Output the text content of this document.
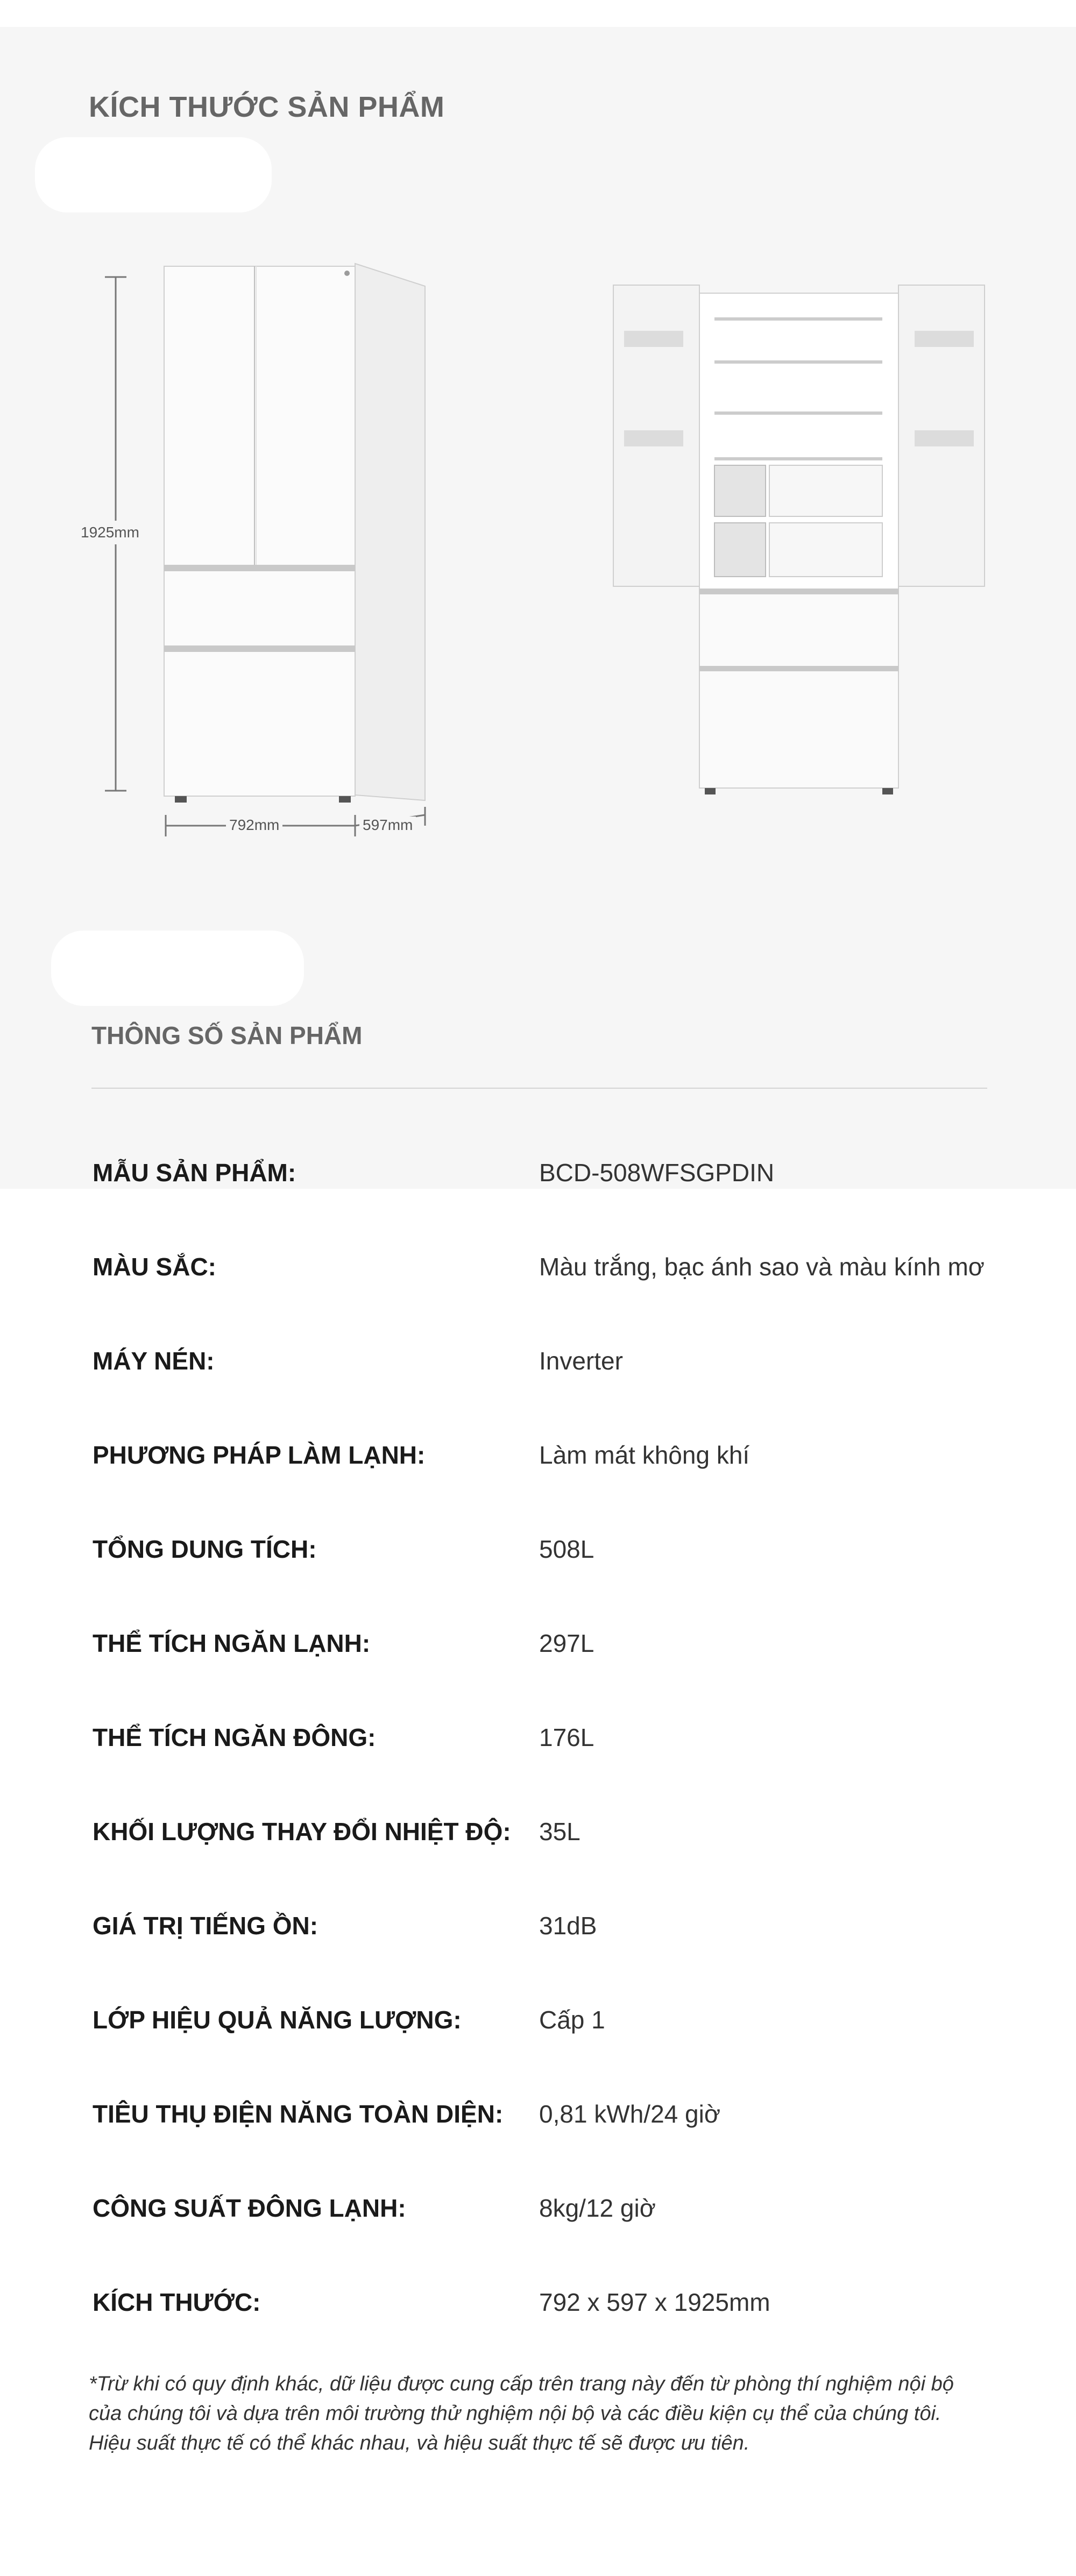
KÍCH THƯỚC SẢN PHẨM
1925mm
792mm	597mm
THÔNG SỐ SẢN PHẨM
MẪU SẢN PHẨM:	BCD-508WFSGPDIN
MÀU SẮC:	Màu trắng, bạc ánh sao và màu kính mơ
MÁY NÉN:	Inverter
PHƯƠNG PHÁP LÀM LẠNH:	Làm mát không khí
TỔNG DUNG TÍCH:	508L
THỂ TÍCH NGĂN LẠNH:	297L
THỂ TÍCH NGĂN ĐÔNG:	176L
KHỐI LƯỢNG THAY ĐỔI NHIỆT ĐỘ: 35L
GIÁ TRỊ TIẾNG ỒN:	31dB
LỚP HIỆU QUẢ NĂNG LƯỢNG:	Cấp 1
TIÊU THỤ ĐIỆN NĂNG TOÀN DIỆN: 0,81 kWh/24 giờ
CÔNG SUẤT ĐÔNG LẠNH:	8kg/12 giờ
KÍCH THƯỚC:	792 x 597 x 1925mm

*Trừ khi có quy định khác, dữ liệu được cung cấp trên trang này đến từ phòng thí nghiệm nội bộ của chúng tôi và dựa trên môi trường thử nghiệm nội bộ và các điều kiện cụ thể của chúng tôi. Hiệu suất thực tế có thể khác nhau, và hiệu suất thực tế sẽ được ưu tiên.
